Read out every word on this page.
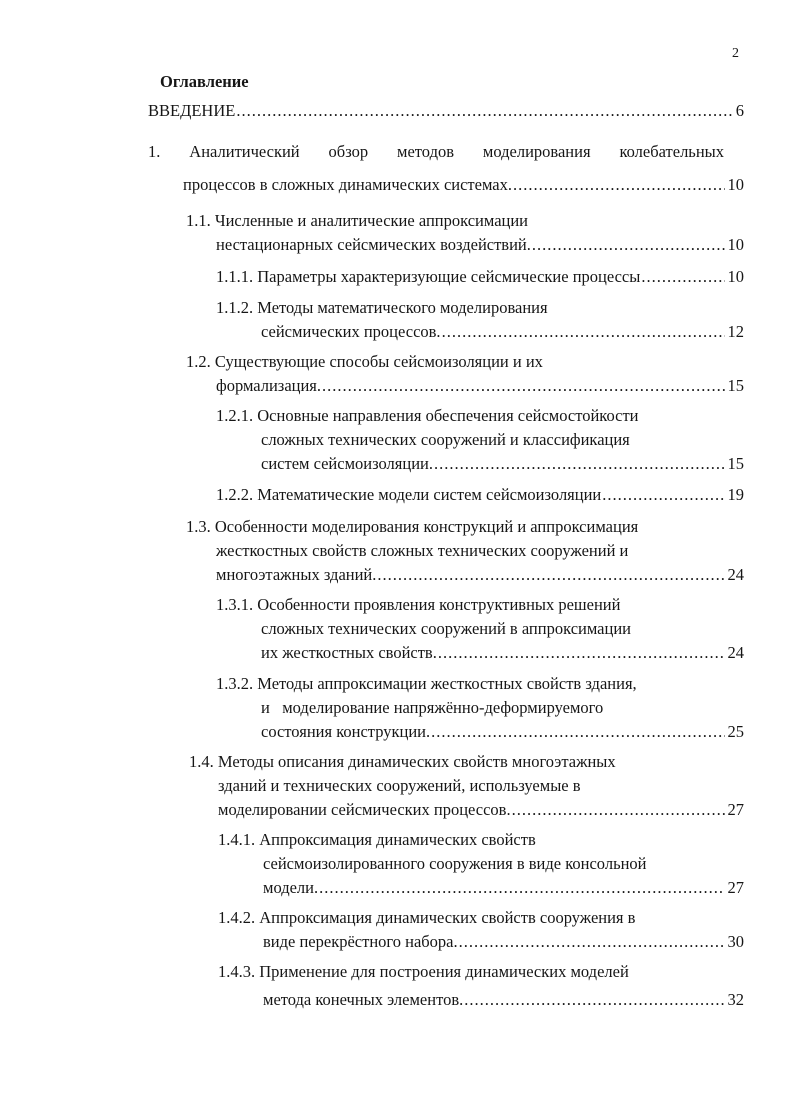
2
Оглавление
ВВЕДЕНИЕ .....	6
1. Аналитический обзор методов моделирования колебательных
процессов в сложных динамических системах. .....	10
1.1. Численные и аналитические аппроксимации
нестационарных сейсмических воздействий. .....	10
1.1.1. Параметры характеризующие сейсмические процессы .....	10
1.1.2. Методы математического моделирования
сейсмических процессов. .....	12
1.2. Существующие способы сейсмоизоляции и их
формализация. .....	15
1.2.1. Основные направления обеспечения сейсмостойкости
сложных технических сооружений и классификация
систем сейсмоизоляции. .....	15
1.2.2. Математические модели систем сейсмоизоляции .....	19
1.3. Особенности моделирования конструкций и аппроксимация
жесткостных свойств сложных технических сооружений и
многоэтажных зданий. .....	24
1.3.1. Особенности проявления конструктивных решений
сложных технических сооружений в аппроксимации
их жесткостных свойств. .....	24
1.3.2. Методы аппроксимации жесткостных свойств здания,
и   моделирование напряжённо-деформируемого
состояния конструкции. .....	25
1.4. Методы описания динамических свойств многоэтажных
зданий и технических сооружений, используемые в
моделировании сейсмических процессов. .....	27
1.4.1. Аппроксимация динамических свойств
сейсмоизолированного сооружения в виде консольной
модели. .....	27
1.4.2. Аппроксимация динамических свойств сооружения в
виде перекрёстного набора. .....	30
1.4.3. Применение для построения динамических моделей
метода конечных элементов. .....	32
